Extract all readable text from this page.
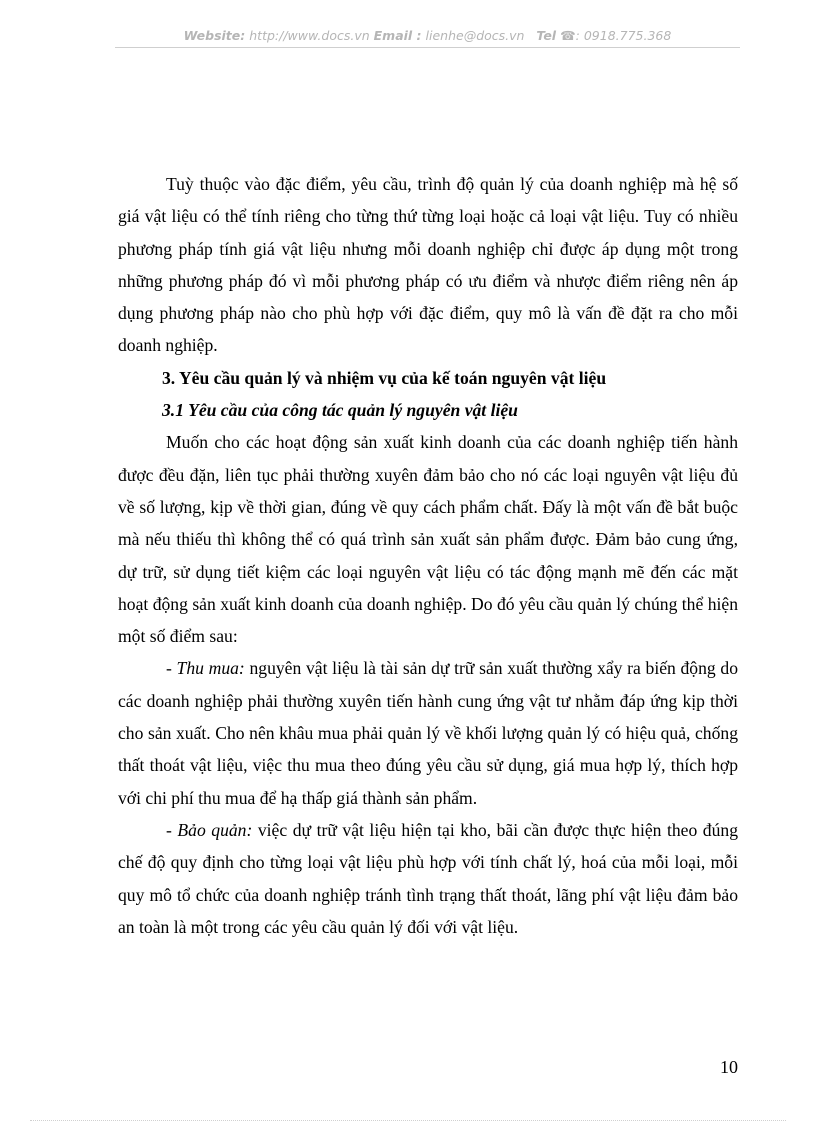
Website: http://www.docs.vn Email : lienhe@docs.vn Tel ☎: 0918.775.368

Tuỳ thuộc vào đặc điểm, yêu cầu, trình độ quản lý của doanh nghiệp mà hệ số giá vật liệu có thể tính riêng cho từng thứ từng loại hoặc cả loại vật liệu. Tuy có nhiều phương pháp tính giá vật liệu nhưng mỗi doanh nghiệp chỉ được áp dụng một trong những phương pháp đó vì mỗi phương pháp có ưu điểm và nhược điểm riêng nên áp dụng phương pháp nào cho phù hợp với đặc điểm, quy mô là vấn đề đặt ra cho mỗi doanh nghiệp.

3. Yêu cầu quản lý và nhiệm vụ của kế toán nguyên vật liệu
3.1 Yêu cầu của công tác quản lý nguyên vật liệu

Muốn cho các hoạt động sản xuất kinh doanh của các doanh nghiệp tiến hành được đều đặn, liên tục phải thường xuyên đảm bảo cho nó các loại nguyên vật liệu đủ về số lượng, kịp về thời gian, đúng về quy cách phẩm chất. Đấy là một vấn đề bắt buộc mà nếu thiếu thì không thể có quá trình sản xuất sản phẩm được. Đảm bảo cung ứng, dự trữ, sử dụng tiết kiệm các loại nguyên vật liệu có tác động mạnh mẽ đến các mặt hoạt động sản xuất kinh doanh của doanh nghiệp. Do đó yêu cầu quản lý chúng thể hiện một số điểm sau:

- Thu mua: nguyên vật liệu là tài sản dự trữ sản xuất thường xẩy ra biến động do các doanh nghiệp phải thường xuyên tiến hành cung ứng vật tư nhằm đáp ứng kịp thời cho sản xuất. Cho nên khâu mua phải quản lý về khối lượng quản lý có hiệu quả, chống thất thoát vật liệu, việc thu mua theo đúng yêu cầu sử dụng, giá mua hợp lý, thích hợp với chi phí thu mua để hạ thấp giá thành sản phẩm.

- Bảo quản: việc dự trữ vật liệu hiện tại kho, bãi cần được thực hiện theo đúng chế độ quy định cho từng loại vật liệu phù hợp với tính chất lý, hoá của mỗi loại, mỗi quy mô tổ chức của doanh nghiệp tránh tình trạng thất thoát, lãng phí vật liệu đảm bảo an toàn là một trong các yêu cầu quản lý đối với vật liệu.

10
